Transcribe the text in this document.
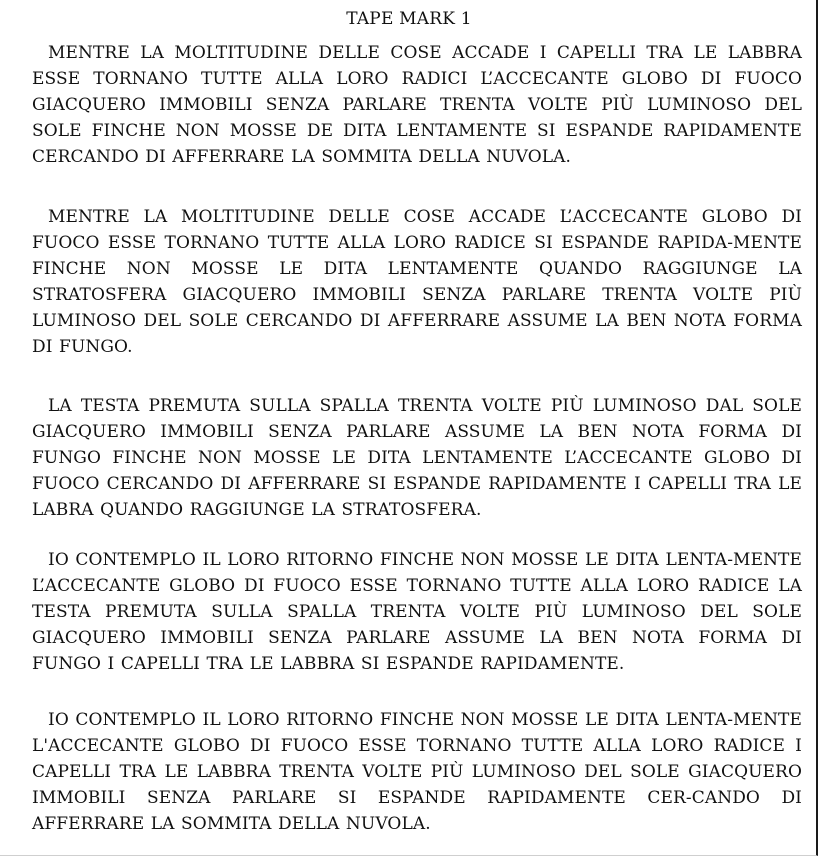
TAPE MARK 1

MENTRE LA MOLTITUDINE DELLE COSE ACCADE I CAPELLI TRA LE LABBRA ESSE TORNANO TUTTE ALLA LORO RADICI L’ACCECANTE GLOBO DI FUOCO GIACQUERO IMMOBILI SENZA PARLARE TRENTA VOLTE PIÙ LUMINOSO DEL SOLE FINCHE NON MOSSE DE DITA LENTAMENTE SI ESPANDE RAPIDAMENTE CERCANDO DI AFFERRARE LA SOMMITA DELLA NUVOLA.

MENTRE LA MOLTITUDINE DELLE COSE ACCADE L’ACCECANTE GLOBO DI FUOCO ESSE TORNANO TUTTE ALLA LORO RADICE SI ESPANDE RAPIDA-MENTE FINCHE NON MOSSE LE DITA LENTAMENTE QUANDO RAGGIUNGE LA STRATOSFERA GIACQUERO IMMOBILI SENZA PARLARE TRENTA VOLTE PIÙ LUMINOSO DEL SOLE CERCANDO DI AFFERRARE ASSUME LA BEN NOTA FORMA DI FUNGO.

LA TESTA PREMUTA SULLA SPALLA TRENTA VOLTE PIÙ LUMINOSO DAL SOLE GIACQUERO IMMOBILI SENZA PARLARE ASSUME LA BEN NOTA FORMA DI FUNGO FINCHE NON MOSSE LE DITA LENTAMENTE L’ACCECANTE GLOBO DI FUOCO CERCANDO DI AFFERRARE SI ESPANDE RAPIDAMENTE I CAPELLI TRA LE LABRA QUANDO RAGGIUNGE LA STRATOSFERA.

IO CONTEMPLO IL LORO RITORNO FINCHE NON MOSSE LE DITA LENTA-MENTE L’ACCECANTE GLOBO DI FUOCO ESSE TORNANO TUTTE ALLA LORO RADICE LA TESTA PREMUTA SULLA SPALLA TRENTA VOLTE PIÙ LUMINOSO DEL SOLE GIACQUERO IMMOBILI SENZA PARLARE ASSUME LA BEN NOTA FORMA DI FUNGO I CAPELLI TRA LE LABBRA SI ESPANDE RAPIDAMENTE.

IO CONTEMPLO IL LORO RITORNO FINCHE NON MOSSE LE DITA LENTA-MENTE L'ACCECANTE GLOBO DI FUOCO ESSE TORNANO TUTTE ALLA LORO RADICE I CAPELLI TRA LE LABBRA TRENTA VOLTE PIÙ LUMINOSO DEL SOLE GIACQUERO IMMOBILI SENZA PARLARE SI ESPANDE RAPIDAMENTE CER-CANDO DI AFFERRARE LA SOMMITA DELLA NUVOLA.
